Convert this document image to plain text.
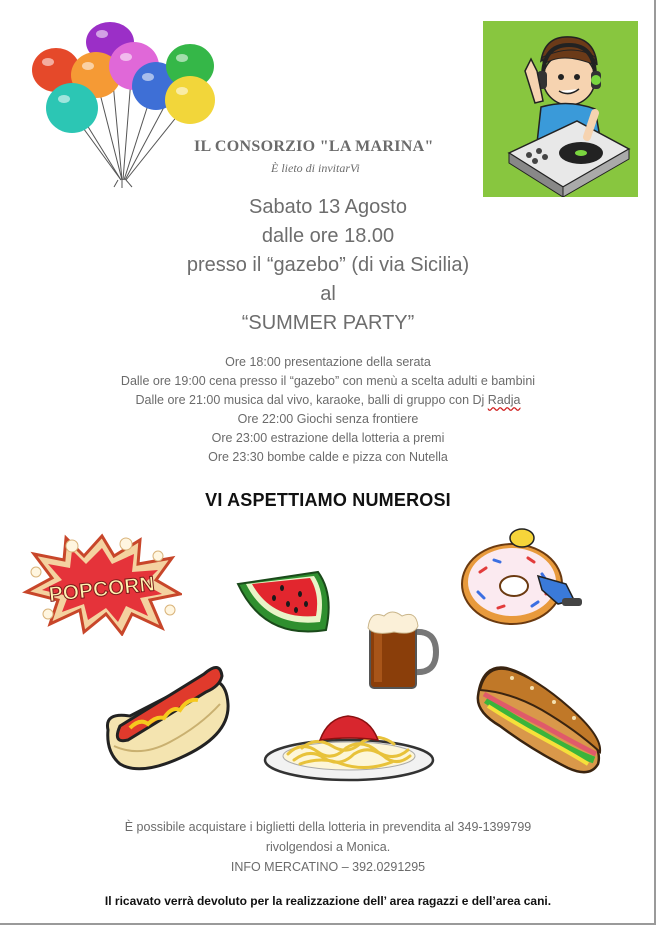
IL CONSORZIO "LA MARINA"
È lieto di invitarVi
Sabato 13 Agosto
dalle ore 18.00
presso il “gazebo” (di via Sicilia)
al
“SUMMER PARTY”
Ore 18:00 presentazione della serata
Dalle ore 19:00 cena presso il “gazebo” con menù a scelta adulti e bambini
Dalle ore 21:00 musica dal vivo, karaoke, balli di gruppo con Dj Radja
Ore 22:00 Giochi senza frontiere
Ore 23:00 estrazione della lotteria a premi
Ore 23:30 bombe calde e pizza con Nutella
VI ASPETTIAMO NUMEROSI
POPCORN
È possibile acquistare i biglietti della lotteria in prevendita al 349-1399799
rivolgendosi a Monica.
INFO MERCATINO – 392.0291295
Il ricavato verrà devoluto per la realizzazione dell’ area ragazzi e dell’area cani.
